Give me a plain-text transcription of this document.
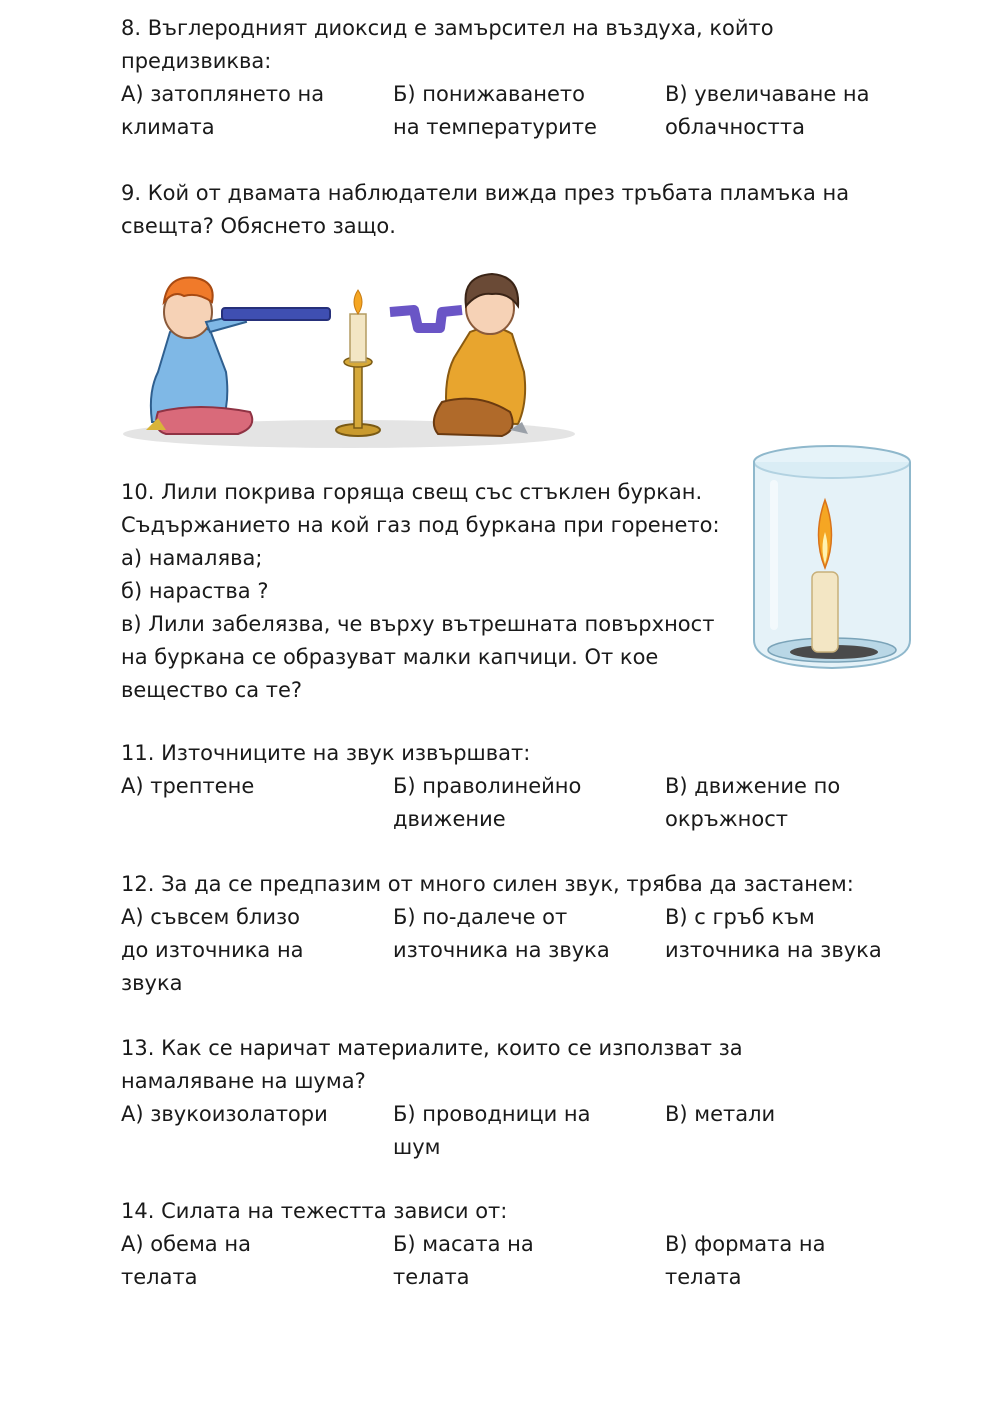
8. Въглеродният диоксид е замърсител на въздуха, който
предизвиква:
А) затоплянето на
климата
Б) понижаването
на температурите
В) увеличаване на
облачността
9. Кой от двамата наблюдатели вижда през тръбата пламъка на
свещта? Обяснето защо.
10. Лили покрива горяща свещ със стъклен буркан.
Съдържанието на кой газ под буркана при горенето:
а) намалява;
б) нараства ?
в) Лили забелязва, че върху вътрешната повърхност
на буркана се образуват малки капчици. От кое
вещество са те?
11. Източниците на звук извършват:
А) трептене	Б) праволинейно
движение
В) движение по
окръжност
12. За да се предпазим от много силен звук, трябва да застанем:
А) съвсем близо
до източника на
звука
Б) по-далече от
източника на звука
В) с гръб към
източника на звука
13. Как се наричат материалите, които се използват за
намаляване на шума?
А) звукоизолатори	Б) проводници на
шум
В) метали
14. Силата на тежестта зависи от:
А) обема на
телата
Б) масата на
телата
В) формата на
телата
